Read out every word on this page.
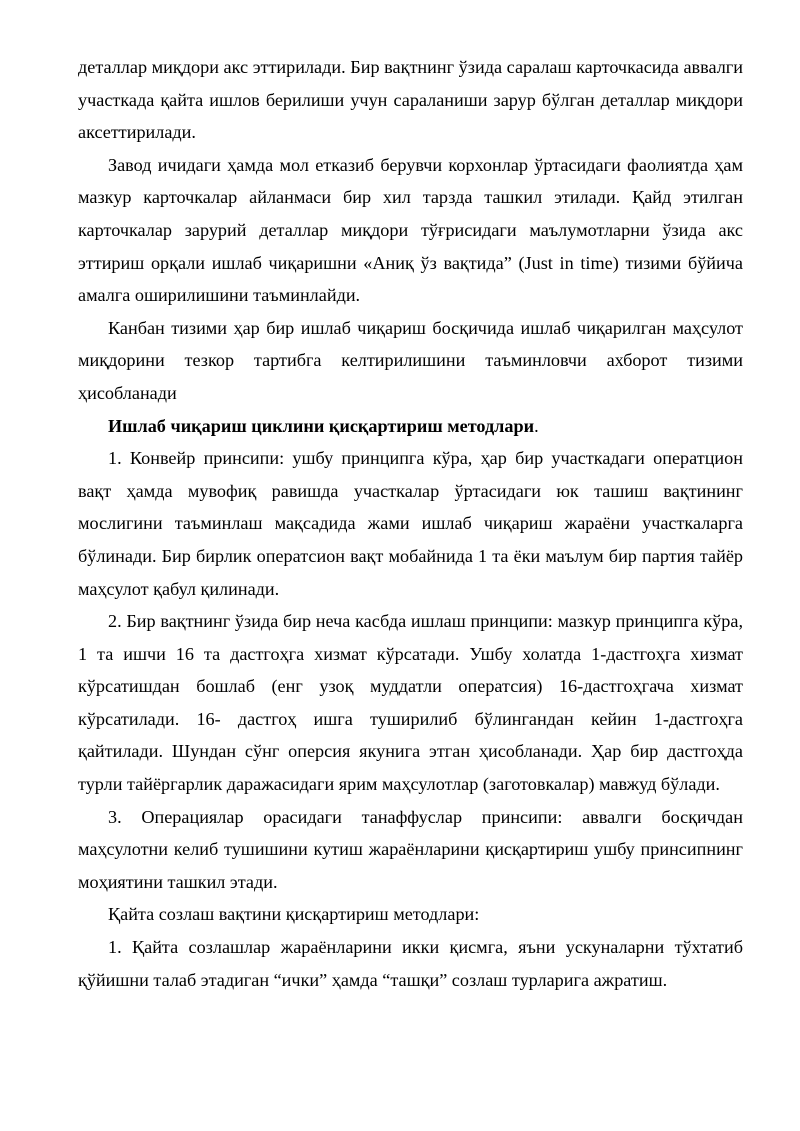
деталлар миқдори акс эттирилади. Бир вақтнинг ўзида саралаш карточкасида аввалги участкада қайта ишлов берилиши учун сараланиши зарур бўлган деталлар миқдори аксеттирилади.

Завод ичидаги ҳамда мол етказиб берувчи корхонлар ўртасидаги фаолиятда ҳам мазкур карточкалар айланмаси бир хил тарзда ташкил этилади. Қайд этилган карточкалар зарурий деталлар миқдори тўғрисидаги маълумотларни ўзида акс эттириш орқали ишлаб чиқаришни «Аниқ ўз вақтида” (Just in time) тизими бўйича амалга оширилишини таъминлайди.

Канбан тизими ҳар бир ишлаб чиқариш босқичида ишлаб чиқарилган маҳсулот миқдорини тезкор тартибга келтирилишини таъминловчи ахборот тизими ҳисобланади

Ишлаб чиқариш циклини қисқартириш методлари.

1. Конвейр принсипи: ушбу принципга кўра, ҳар бир участкадаги оператцион вақт ҳамда мувофиқ равишда участкалар ўртасидаги юк ташиш вақтининг мослигини таъминлаш мақсадида жами ишлаб чиқариш жараёни участкаларга бўлинади. Бир бирлик оператсион вақт мобайнида 1 та ёки маълум бир партия тайёр маҳсулот қабул қилинади.

2. Бир вақтнинг ўзида бир неча касбда ишлаш принципи: мазкур принципга кўра, 1 та ишчи 16 та дастгоҳга хизмат кўрсатади. Ушбу холатда 1-дастгоҳга хизмат кўрсатишдан бошлаб (енг узоқ муддатли оператсия) 16-дастгоҳгача хизмат кўрсатилади. 16- дастгоҳ ишга туширилиб бўлингандан кейин 1-дастгоҳга қайтилади. Шундан сўнг оперсия якунига этган ҳисобланади. Ҳар бир дастгоҳда турли тайёргарлик даражасидаги ярим маҳсулотлар (заготовкалар) мавжуд бўлади.

3. Операциялар орасидаги танаффуслар принсипи: аввалги босқичдан маҳсулотни келиб тушишини кутиш жараёнларини қисқартириш ушбу принсипнинг моҳиятини ташкил этади.

Қайта созлаш вақтини қисқартириш методлари:

1. Қайта созлашлар жараёнларини икки қисмга, яъни ускуналарни тўхтатиб қўйишни талаб этадиган “ички” ҳамда “ташқи” созлаш турларига ажратиш.
